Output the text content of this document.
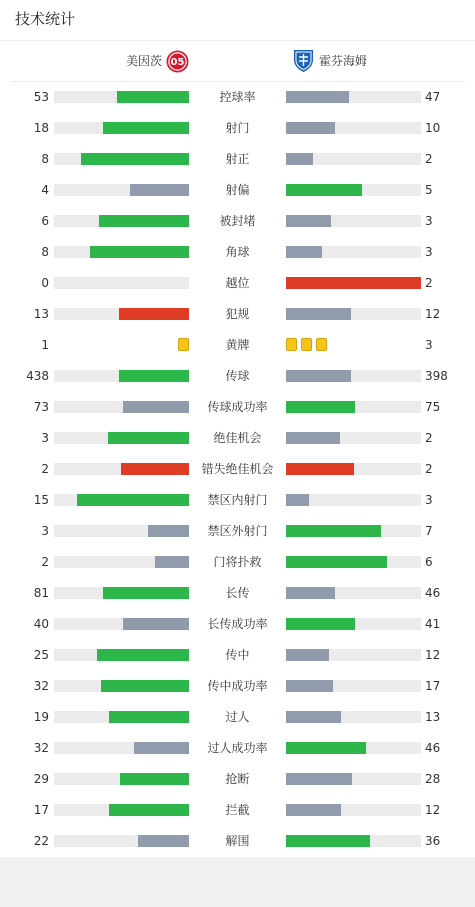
技术统计
美因茨 05	霍芬海姆
53	控球率	47
18	射门	10
8	射正	2
4	射偏	5
6	被封堵	3
8	角球	3
0	越位	2
13	犯规	12
1	黄牌	3
438	传球	398
73	传球成功率	75
3	绝佳机会	2
2	错失绝佳机会	2
15	禁区内射门	3
3	禁区外射门	7
2	门将扑救	6
81	长传	46
40	长传成功率	41
25	传中	12
32	传中成功率	17
19	过人	13
32	过人成功率	46
29	抢断	28
17	拦截	12
22	解围	36
